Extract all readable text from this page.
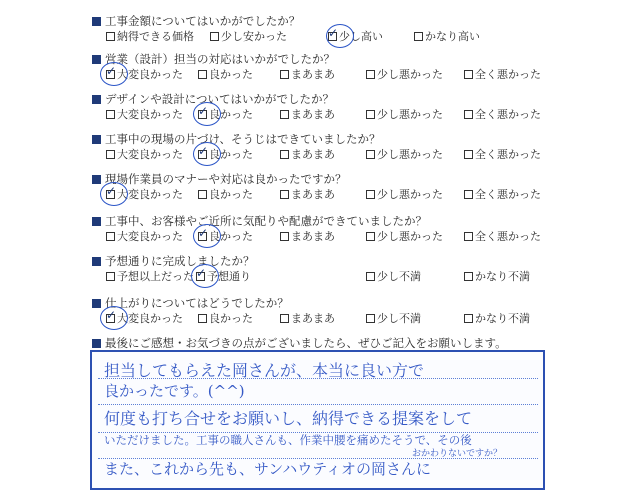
工事金額についてはいかがでしたか？
納得できる価格	少し安かった ✓	少し高い	かなり高い
営業（設計）担当の対応はいかがでしたか？
✓大変良かった	良かった	まあまあ	少し悪かった	全く悪かった
デザインや設計についてはいかがでしたか？
大変良かった ✓	良かった	まあまあ	少し悪かった	全く悪かった
工事中の現場の片づけ、そうじはできていましたか？
大変良かった ✓	良かった	まあまあ	少し悪かった	全く悪かった
現場作業員のマナーや対応は良かったですか？
✓大変良かった	良かった	まあまあ	少し悪かった	全く悪かった
工事中、お客様やご近所に気配りや配慮ができていましたか？
大変良かった ✓	良かった	まあまあ	少し悪かった	全く悪かった
予想通りに完成しましたか？
予想以上だった ✓	予想通り	少し不満	かなり不満
仕上がりについてはどうでしたか？
✓大変良かった	良かった	まあまあ	少し不満	かなり不満
最後にご感想・お気づきの点がございましたら、ぜひご記入をお願いします。
担当してもらえた岡さんが、本当に良い方で
良かったです。(^^)
何度も打ち合せをお願いし、納得できる提案をして
いただけました。工事の職人さんも、作業中腰を痛めたそうで、その後
おかわりないですか？
また、これから先も、サンハウティオの岡さんに
